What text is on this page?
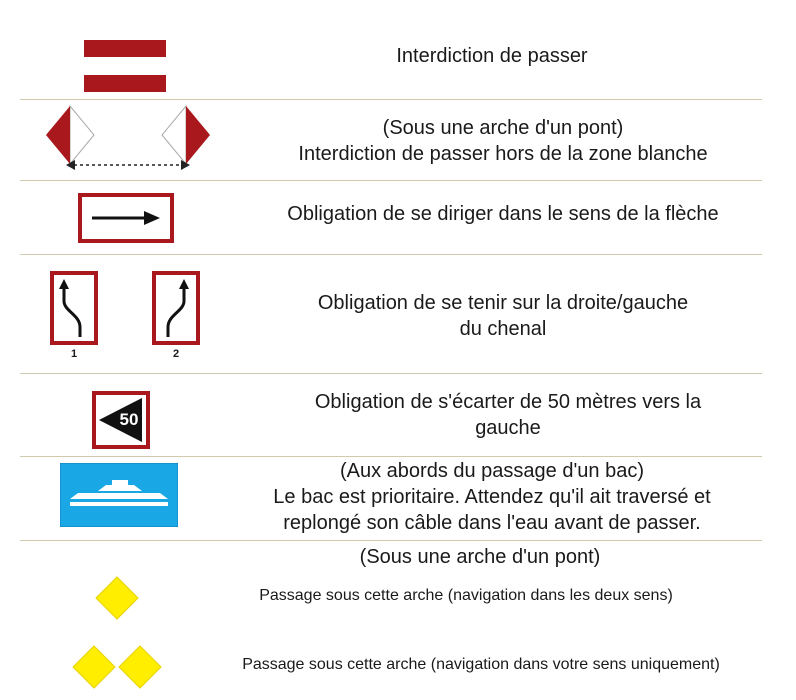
Interdiction de passer
(Sous une arche d'un pont)
Interdiction de passer hors de la zone blanche
Obligation de se diriger dans le sens de la flèche
1	2
Obligation de se tenir sur la droite/gauche
du chenal
50
Obligation de s'écarter de 50 mètres vers la
gauche
(Aux abords du passage d'un bac)
Le bac est prioritaire. Attendez qu'il ait traversé et
replongé son câble dans l'eau avant de passer.
(Sous une arche d'un pont)
Passage sous cette arche (navigation dans les deux sens)
Passage sous cette arche (navigation dans votre sens uniquement)
